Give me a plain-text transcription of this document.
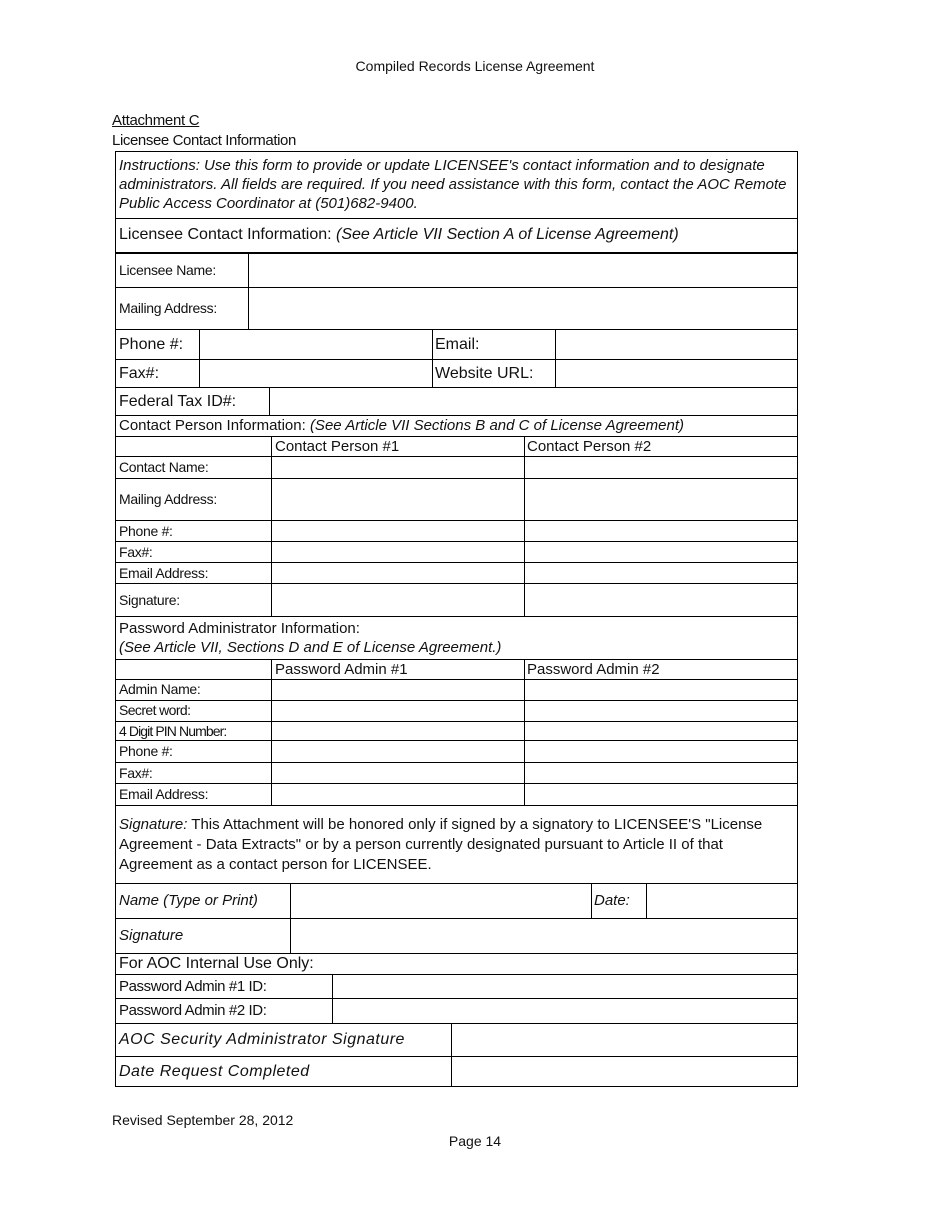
Compiled Records License Agreement
Attachment C
Licensee Contact Information
Instructions: Use this form to provide or update LICENSEE's contact information and to designate administrators. All fields are required. If you need assistance with this form, contact the AOC Remote Public Access Coordinator at (501)682-9400.
Licensee Contact Information: (See Article VII Section A of License Agreement)
Licensee Name:
Mailing Address:
Phone #:	Email:
Fax#:	Website URL:
Federal Tax ID#:
Contact Person Information: (See Article VII Sections B and C of License Agreement)
Contact Person #1	Contact Person #2
Contact Name:
Mailing Address:
Phone #:
Fax#:
Email Address:
Signature:
Password Administrator Information:
(See Article VII, Sections D and E of License Agreement.)
Password Admin #1	Password Admin #2
Admin Name:
Secret word:
4 Digit PIN Number:
Phone #:
Fax#:
Email Address:
Signature: This Attachment will be honored only if signed by a signatory to LICENSEE'S "License Agreement - Data Extracts" or by a person currently designated pursuant to Article II of that Agreement as a contact person for LICENSEE.
Name (Type or Print)	Date:
Signature
For AOC Internal Use Only:
Password Admin #1 ID:
Password Admin #2 ID:
AOC Security Administrator Signature
Date Request Completed
Revised September 28, 2012
Page 14
